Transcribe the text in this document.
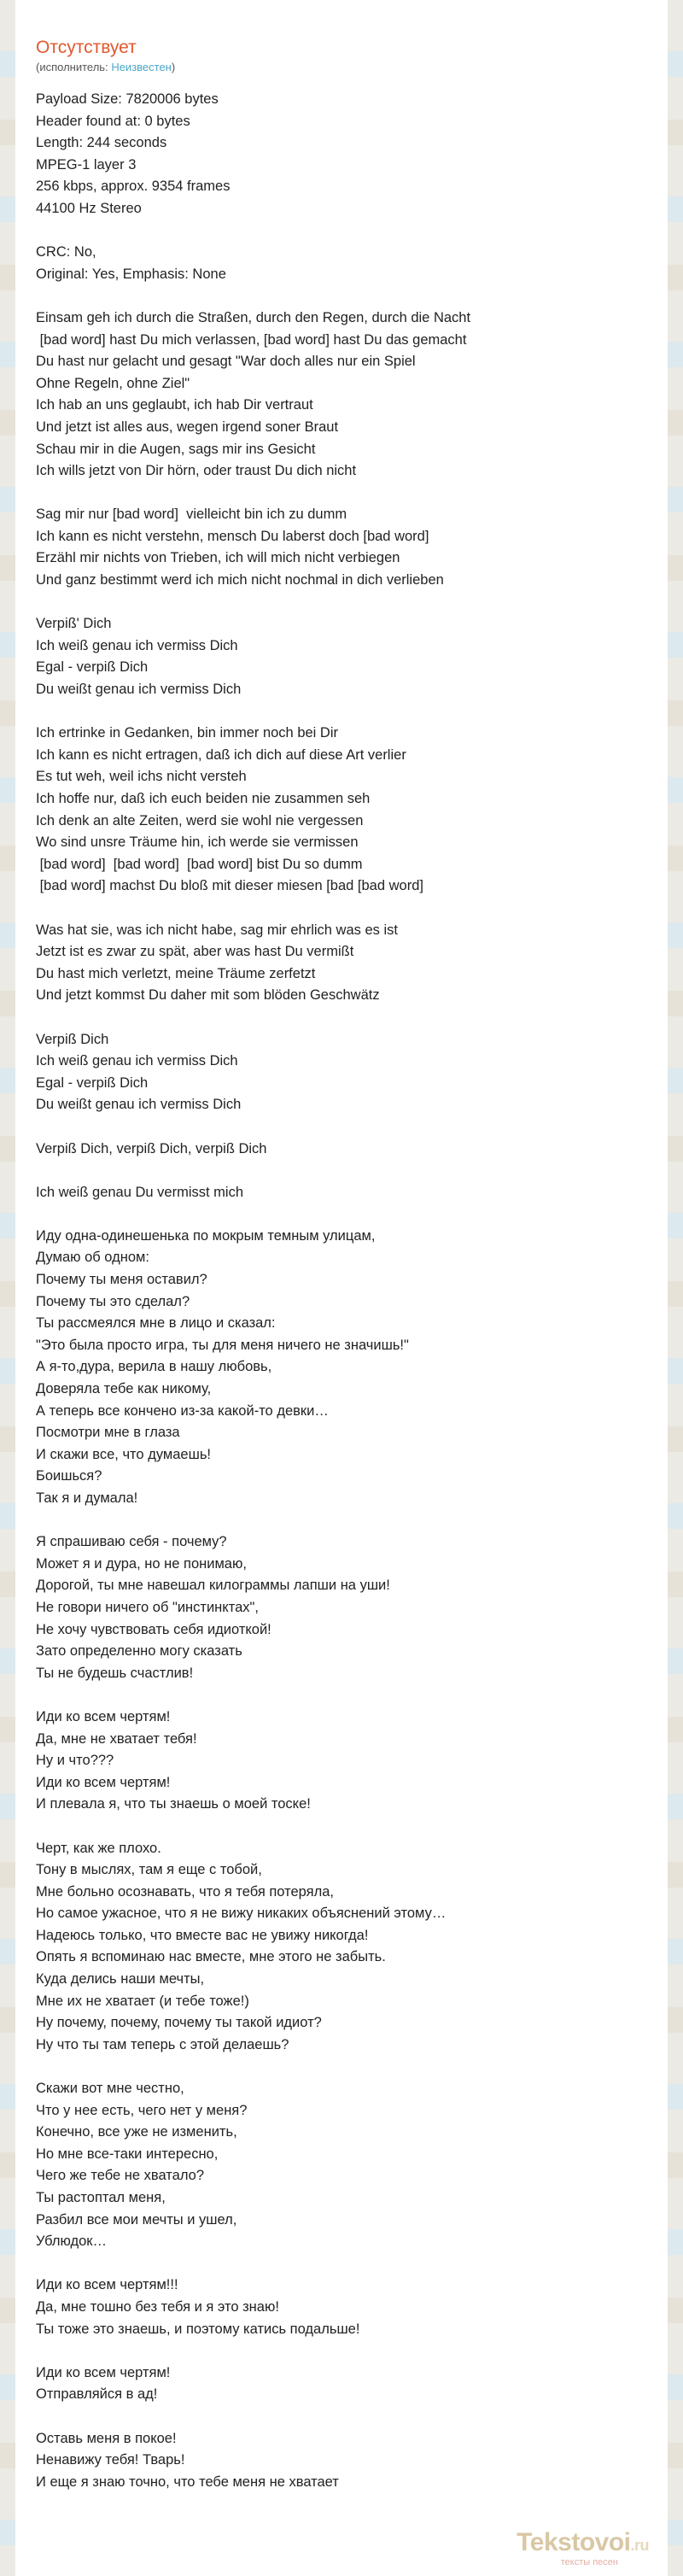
Отсутствует
(исполнитель: Неизвестен)
Payload Size: 7820006 bytes
Header found at: 0 bytes
Length: 244 seconds
MPEG-1 layer 3
256 kbps, approx. 9354 frames
44100 Hz Stereo

CRC: No,
Original: Yes, Emphasis: None

Einsam geh ich durch die Straßen, durch den Regen, durch die Nacht
[bad word] hast Du mich verlassen, [bad word] hast Du das gemacht
Du hast nur gelacht und gesagt "War doch alles nur ein Spiel
Ohne Regeln, ohne Ziel"
Ich hab an uns geglaubt, ich hab Dir vertraut
Und jetzt ist alles aus, wegen irgend soner Braut
Schau mir in die Augen, sags mir ins Gesicht
Ich wills jetzt von Dir hörn, oder traust Du dich nicht

Sag mir nur [bad word]  vielleicht bin ich zu dumm
Ich kann es nicht verstehn, mensch Du laberst doch [bad word]
Erzähl mir nichts von Trieben, ich will mich nicht verbiegen
Und ganz bestimmt werd ich mich nicht nochmal in dich verlieben

Verpiß' Dich
Ich weiß genau ich vermiss Dich
Egal - verpiß Dich
Du weißt genau ich vermiss Dich

Ich ertrinke in Gedanken, bin immer noch bei Dir
Ich kann es nicht ertragen, daß ich dich auf diese Art verlier
Es tut weh, weil ichs nicht versteh
Ich hoffe nur, daß ich euch beiden nie zusammen seh
Ich denk an alte Zeiten, werd sie wohl nie vergessen
Wo sind unsre Träume hin, ich werde sie vermissen
[bad word]  [bad word]  [bad word] bist Du so dumm
[bad word] machst Du bloß mit dieser miesen [bad [bad word]

Was hat sie, was ich nicht habe, sag mir ehrlich was es ist
Jetzt ist es zwar zu spät, aber was hast Du vermißt
Du hast mich verletzt, meine Träume zerfetzt
Und jetzt kommst Du daher mit som blöden Geschwätz

Verpiß Dich
Ich weiß genau ich vermiss Dich
Egal - verpiß Dich
Du weißt genau ich vermiss Dich

Verpiß Dich, verpiß Dich, verpiß Dich

Ich weiß genau Du vermisst mich

Иду одна-одинешенька по мокрым темным улицам,
Думаю об одном:
Почему ты меня оставил?
Почему ты это сделал?
Ты рассмеялся мне в лицо и сказал:
"Это была просто игра, ты для меня ничего не значишь!"
А я-то,дура, верила в нашу любовь,
Доверяла тебе как никому,
А теперь все кончено из-за какой-то девки…
Посмотри мне в глаза
И скажи все, что думаешь!
Боишься?
Так я и думала!

Я спрашиваю себя - почему?
Может я и дура, но не понимаю,
Дорогой, ты мне навешал килограммы лапши на уши!
Не говори ничего об "инстинктах",
Не хочу чувствовать себя идиоткой!
Зато определенно могу сказать
Ты не будешь счастлив!

Иди ко всем чертям!
Да, мне не хватает тебя!
Ну и что???
Иди ко всем чертям!
И плевала я, что ты знаешь о моей тоске!

Черт, как же плохо.
Тону в мыслях, там я еще с тобой,
Мне больно осознавать, что я тебя потеряла,
Но самое ужасное, что я не вижу никаких объяснений этому…
Надеюсь только, что вместе вас не увижу никогда!
Опять я вспоминаю нас вместе, мне этого не забыть.
Куда делись наши мечты,
Мне их не хватает (и тебе тоже!)
Ну почему, почему, почему ты такой идиот?
Ну что ты там теперь с этой делаешь?

Скажи вот мне честно,
Что у нее есть, чего нет у меня?
Конечно, все уже не изменить,
Но мне все-таки интересно,
Чего же тебе не хватало?
Ты растоптал меня,
Разбил все мои мечты и ушел,
Ублюдок…

Иди ко всем чертям!!!
Да, мне тошно без тебя и я это знаю!
Ты тоже это знаешь, и поэтому катись подальше!

Иди ко всем чертям!
Отправляйся в ад!

Оставь меня в покое!
Ненавижу тебя! Тварь!
И еще я знаю точно, что тебе меня не хватает
Tekstovoi.ru
тексты песен
